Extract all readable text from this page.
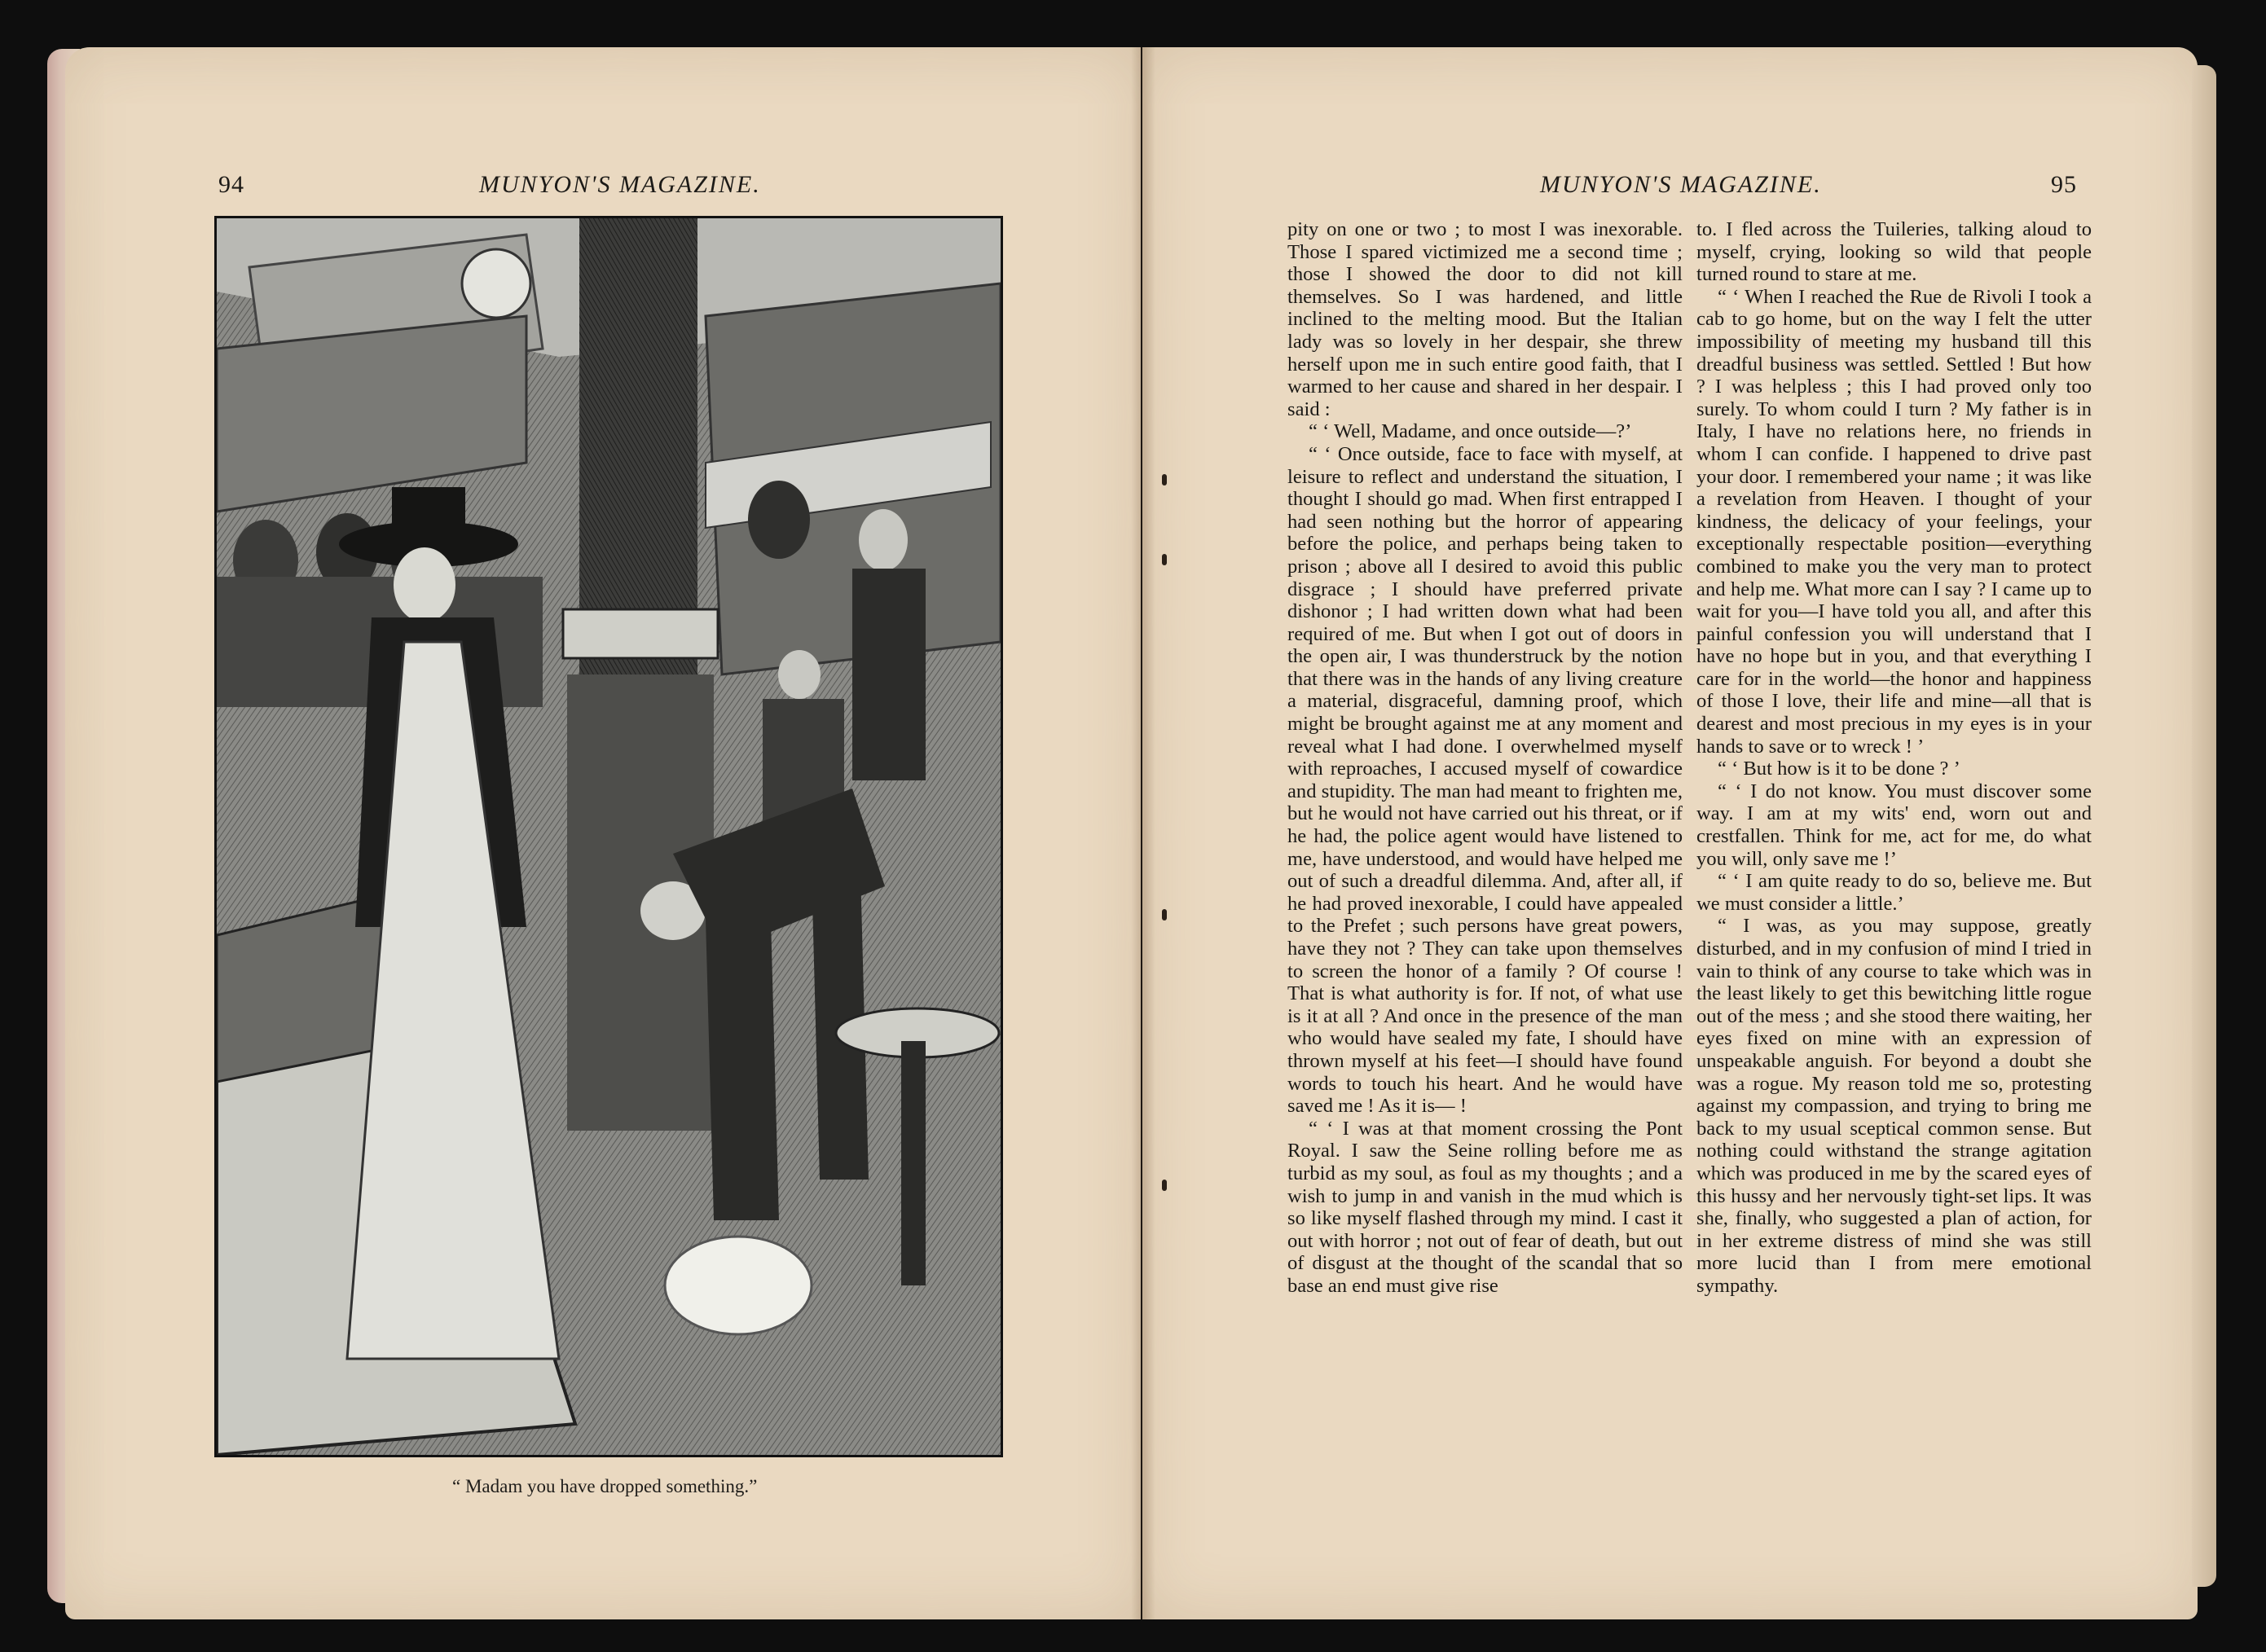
94	MUNYON'S MAGAZINE.
“ Madam you have dropped something.”
MUNYON'S MAGAZINE.	95

pity on one or two ; to most I was inexorable. Those I spared victimized me a second time ; those I showed the door to did not kill themselves. So I was hardened, and little inclined to the melting mood. But the Italian lady was so lovely in her despair, she threw herself upon me in such entire good faith, that I warmed to her cause and shared in her despair. I said :

“ ‘ Well, Madame, and once outside—?’

“ ‘ Once outside, face to face with myself, at leisure to reflect and understand the situation, I thought I should go mad. When first entrapped I had seen nothing but the horror of appearing before the police, and perhaps being taken to prison ; above all I desired to avoid this public disgrace ; I should have preferred private dishonor ; I had written down what had been required of me. But when I got out of doors in the open air, I was thunderstruck by the notion that there was in the hands of any living creature a material, disgraceful, damning proof, which might be brought against me at any moment and reveal what I had done. I overwhelmed myself with reproaches, I accused myself of cowardice and stupidity. The man had meant to frighten me, but he would not have carried out his threat, or if he had, the police agent would have listened to me, have understood, and would have helped me out of such a dreadful dilemma. And, after all, if he had proved inexorable, I could have appealed to the Prefet ; such persons have great powers, have they not ? They can take upon themselves to screen the honor of a family ? Of course ! That is what authority is for. If not, of what use is it at all ? And once in the presence of the man who would have sealed my fate, I should have thrown myself at his feet—I should have found words to touch his heart. And he would have saved me ! As it is— !

“ ‘ I was at that moment crossing the Pont Royal. I saw the Seine rolling before me as turbid as my soul, as foul as my thoughts ; and a wish to jump in and vanish in the mud which is so like myself flashed through my mind. I cast it out with horror ; not out of fear of death, but out of disgust at the thought of the scandal that so base an end must give rise

to. I fled across the Tuileries, talking aloud to myself, crying, looking so wild that people turned round to stare at me.

“ ‘ When I reached the Rue de Rivoli I took a cab to go home, but on the way I felt the utter impossibility of meeting my husband till this dreadful business was settled. Settled ! But how ? I was helpless ; this I had proved only too surely. To whom could I turn ? My father is in Italy, I have no relations here, no friends in whom I can confide. I happened to drive past your door. I remembered your name ; it was like a revelation from Heaven. I thought of your kindness, the delicacy of your feelings, your exceptionally respectable position—everything combined to make you the very man to protect and help me. What more can I say ? I came up to wait for you—I have told you all, and after this painful confession you will understand that I have no hope but in you, and that everything I care for in the world—the honor and happiness of those I love, their life and mine—all that is dearest and most precious in my eyes is in your hands to save or to wreck ! ’

“ ‘ But how is it to be done ? ’

“ ‘ I do not know. You must discover some way. I am at my wits' end, worn out and crestfallen. Think for me, act for me, do what you will, only save me !’

“ ‘ I am quite ready to do so, believe me. But we must consider a little.’

“ I was, as you may suppose, greatly disturbed, and in my confusion of mind I tried in vain to think of any course to take which was in the least likely to get this bewitching little rogue out of the mess ; and she stood there waiting, her eyes fixed on mine with an expression of unspeakable anguish. For beyond a doubt she was a rogue. My reason told me so, protesting against my compassion, and trying to bring me back to my usual sceptical common sense. But nothing could withstand the strange agitation which was produced in me by the scared eyes of this hussy and her nervously tight-set lips. It was she, finally, who suggested a plan of action, for in her extreme distress of mind she was still more lucid than I from mere emotional sympathy.
